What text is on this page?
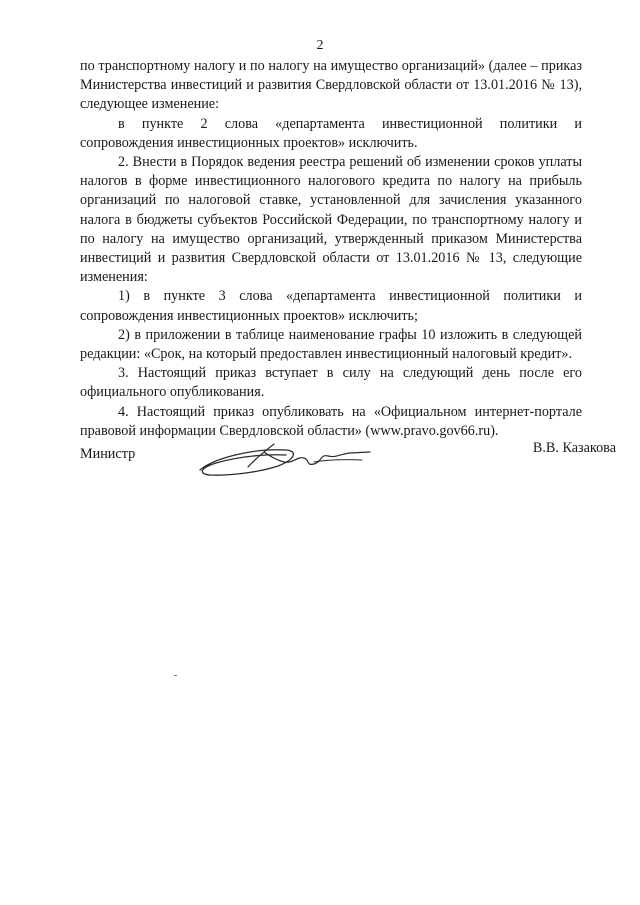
2

по транспортному налогу и по налогу на имущество организаций» (далее – приказ Министерства инвестиций и развития Свердловской области от 13.01.2016 № 13), следующее изменение:

в пункте 2 слова «департамента инвестиционной политики и сопровождения инвестиционных проектов» исключить.

2. Внести в Порядок ведения реестра решений об изменении сроков уплаты налогов в форме инвестиционного налогового кредита по налогу на прибыль организаций по налоговой ставке, установленной для зачисления указанного налога в бюджеты субъектов Российской Федерации, по транспортному налогу и по налогу на имущество организаций, утвержденный приказом Министерства инвестиций и развития Свердловской области от 13.01.2016 № 13, следующие изменения:

1) в пункте 3 слова «департамента инвестиционной политики и сопровождения инвестиционных проектов» исключить;

2) в приложении в таблице наименование графы 10 изложить в следующей редакции: «Срок, на который предоставлен инвестиционный налоговый кредит».

3. Настоящий приказ вступает в силу на следующий день после его официального опубликования.

4. Настоящий приказ опубликовать на «Официальном интернет-портале правовой информации Свердловской области» (www.pravo.gov66.ru).

Министр	В.В. Казакова
